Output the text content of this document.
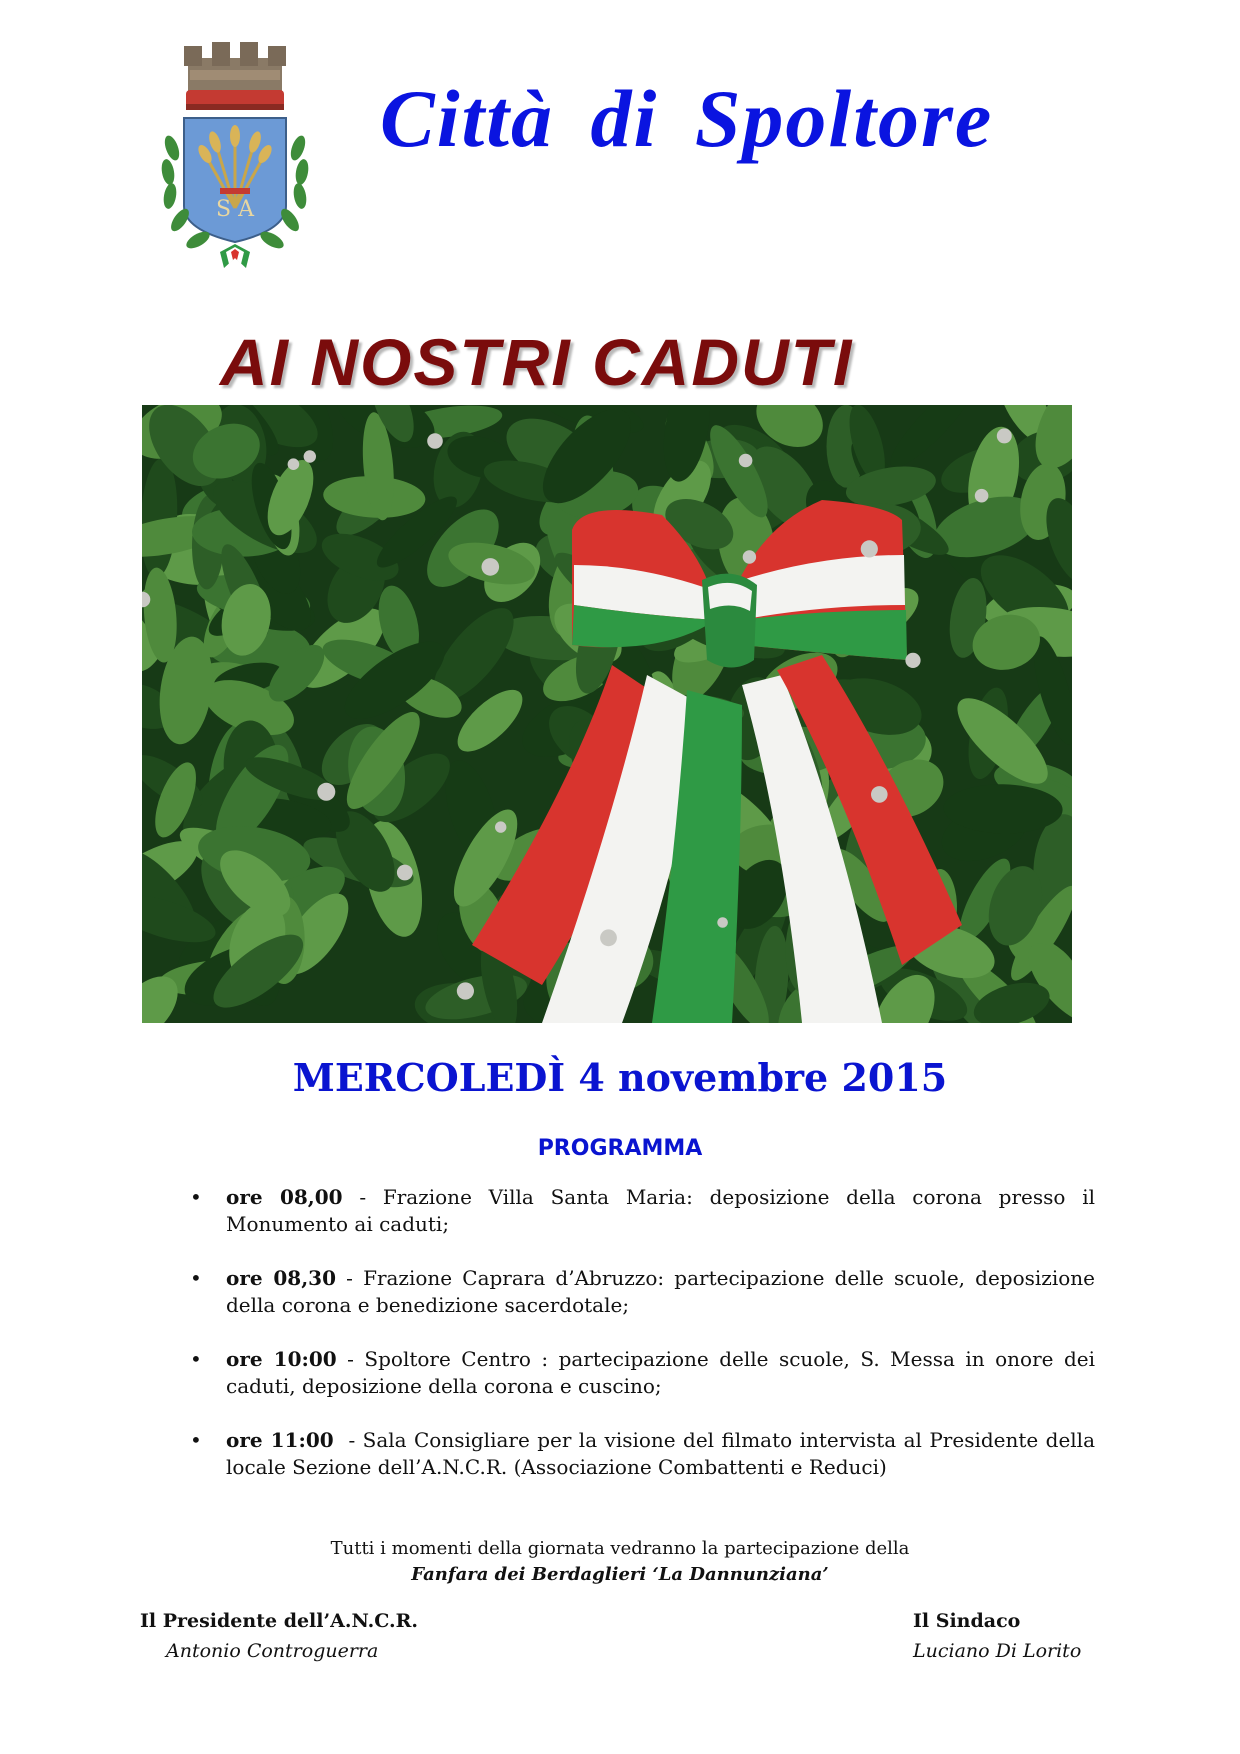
S A
Città di Spoltore
AI NOSTRI CADUTI
MERCOLEDÌ 4 novembre 2015
PROGRAMMA
• ore 08,00 - Frazione Villa Santa Maria: deposizione della corona presso il Monumento ai caduti;
• ore 08,30 - Frazione Caprara d’Abruzzo: partecipazione delle scuole, deposizione della corona e benedizione sacerdotale;
• ore 10:00 - Spoltore Centro : partecipazione delle scuole, S. Messa in onore dei caduti, deposizione della corona e cuscino;
• ore 11:00  - Sala Consigliare per la visione del filmato intervista al Presidente della locale Sezione dell’A.N.C.R. (Associazione Combattenti e Reduci)
Tutti i momenti della giornata vedranno la partecipazione della
Fanfara dei Berdaglieri ‘La Dannunziana’
Il Presidente dell’A.N.C.R.
Antonio Controguerra
Il Sindaco
Luciano Di Lorito
